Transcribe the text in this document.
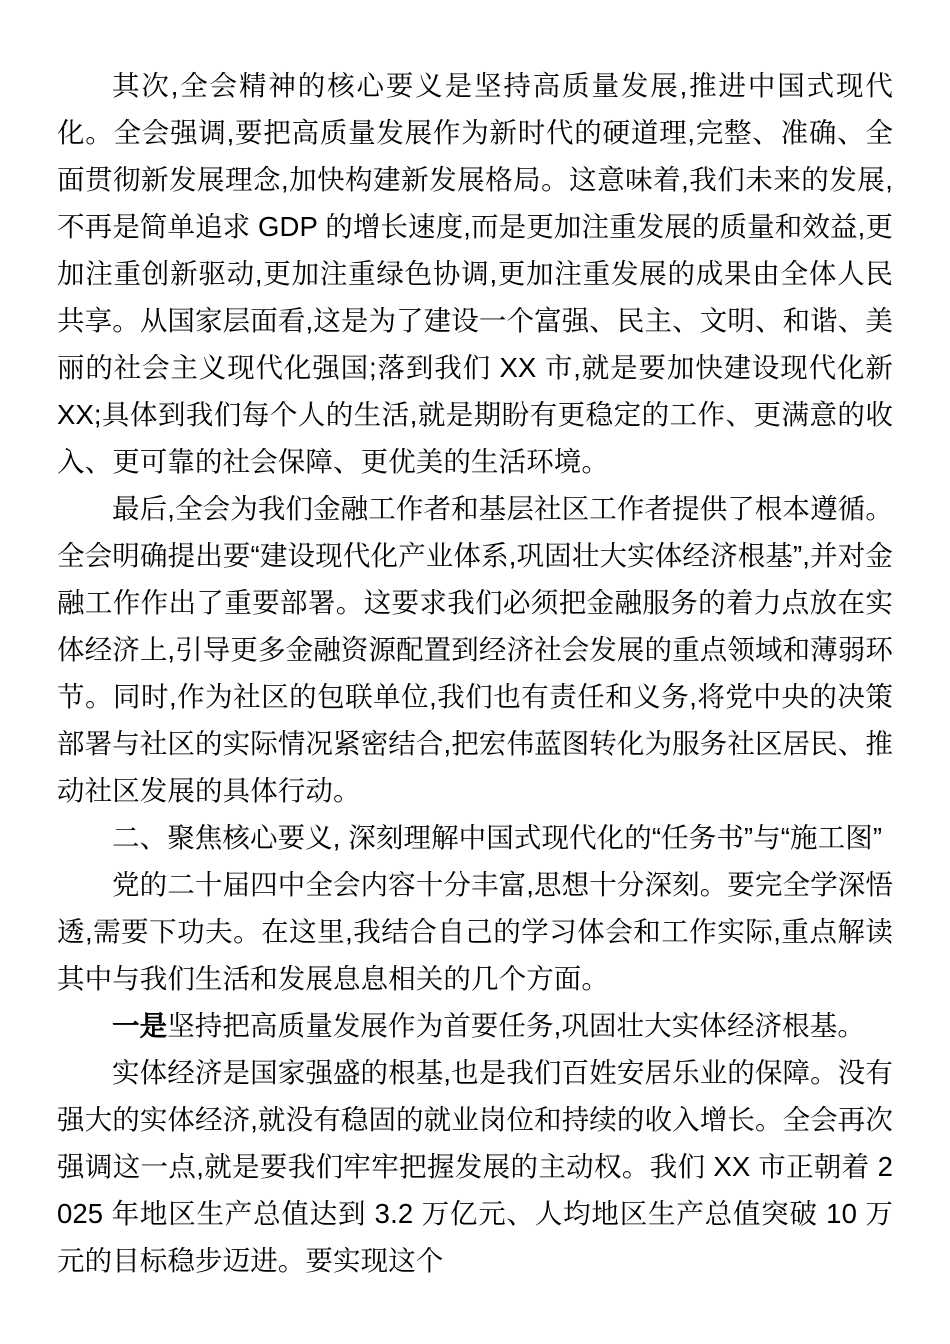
其次,全会精神的核心要义是坚持高质量发展,推进中国式现代化。全会强调,要把高质量发展作为新时代的硬道理,完整、准确、全面贯彻新发展理念,加快构建新发展格局。这意味着,我们未来的发展,不再是简单追求 GDP 的增长速度,而是更加注重发展的质量和效益,更加注重创新驱动,更加注重绿色协调,更加注重发展的成果由全体人民共享。从国家层面看,这是为了建设一个富强、民主、文明、和谐、美丽的社会主义现代化强国;落到我们 XX 市,就是要加快建设现代化新 XX;具体到我们每个人的生活,就是期盼有更稳定的工作、更满意的收入、更可靠的社会保障、更优美的生活环境。

最后,全会为我们金融工作者和基层社区工作者提供了根本遵循。全会明确提出要“建设现代化产业体系,巩固壮大实体经济根基”,并对金融工作作出了重要部署。这要求我们必须把金融服务的着力点放在实体经济上,引导更多金融资源配置到经济社会发展的重点领域和薄弱环节。同时,作为社区的包联单位,我们也有责任和义务,将党中央的决策部署与社区的实际情况紧密结合,把宏伟蓝图转化为服务社区居民、推动社区发展的具体行动。

二、聚焦核心要义, 深刻理解中国式现代化的“任务书”与“施工图”

党的二十届四中全会内容十分丰富,思想十分深刻。要完全学深悟透,需要下功夫。在这里,我结合自己的学习体会和工作实际,重点解读其中与我们生活和发展息息相关的几个方面。

一是坚持把高质量发展作为首要任务,巩固壮大实体经济根基。

实体经济是国家强盛的根基,也是我们百姓安居乐业的保障。没有强大的实体经济,就没有稳固的就业岗位和持续的收入增长。全会再次强调这一点,就是要我们牢牢把握发展的主动权。我们 XX 市正朝着 2025 年地区生产总值达到 3.2 万亿元、人均地区生产总值突破 10 万元的目标稳步迈进。要实现这个
